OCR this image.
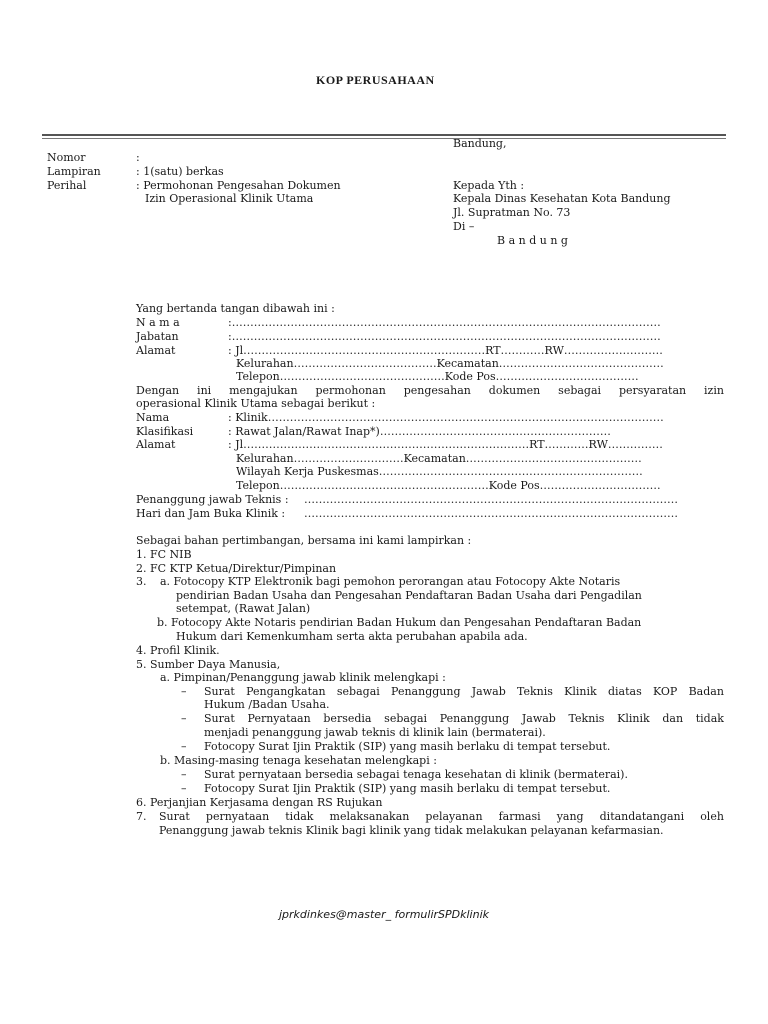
KOP PERUSAHAAN
Bandung,
Nomor	:
Lampiran	: 1(satu) berkas
Perihal	: Permohonan Pengesahan Dokumen
Izin Operasional Klinik Utama
Kepada Yth :
Kepala Dinas Kesehatan Kota Bandung
Jl. Supratman No. 73
Di –
B a n d u n g
Yang bertanda tangan dibawah ini :
N a m a	:………………………………………………………………………………………………………
Jabatan	:………………………………………………………………………………………………………
Alamat	: Jl…………………………………………………………RT…………RW………………………
Kelurahan…………………………………Kecamatan………………………………………
Telepon………………………………………Kode Pos…………………………………
Dengan ini mengajukan permohonan pengesahan dokumen sebagai persyaratan izin
operasional Klinik Utama sebagai berikut :
Nama	: Klinik………………………………………………………………………………………………
Klasifikasi	: Rawat Jalan/Rawat Inap*)………………………………………………………
Alamat	: Jl……………………………………………………………………RT…………RW……………
Kelurahan…………………………Kecamatan…………………………………………
Wilayah Kerja Puskesmas………………………………………………………………
Telepon…………………………………………………Kode Pos……………………………
Penanggung jawab Teknis : …………………………………………………………………………………………
Hari dan Jam Buka Klinik : …………………………………………………………………………………………
Sebagai bahan pertimbangan, bersama ini kami lampirkan :
1. FC NIB
2. FC KTP Ketua/Direktur/Pimpinan
3. a. Fotocopy KTP Elektronik bagi pemohon perorangan atau Fotocopy Akte Notaris
pendirian Badan Usaha dan Pengesahan Pendaftaran Badan Usaha dari Pengadilan
setempat, (Rawat Jalan)
b. Fotocopy Akte Notaris pendirian Badan Hukum dan Pengesahan Pendaftaran Badan
Hukum dari Kemenkumham serta akta perubahan apabila ada.
4. Profil Klinik.
5. Sumber Daya Manusia,
a. Pimpinan/Penanggung jawab klinik melengkapi :
– Surat Pengangkatan sebagai Penanggung Jawab Teknis Klinik diatas KOP Badan
Hukum /Badan Usaha.
– Surat Pernyataan bersedia sebagai Penanggung Jawab Teknis Klinik dan tidak
menjadi penanggung jawab teknis di klinik lain (bermaterai).
– Fotocopy Surat Ijin Praktik (SIP) yang masih berlaku di tempat tersebut.
b. Masing-masing tenaga kesehatan melengkapi :
– Surat pernyataan bersedia sebagai tenaga kesehatan di klinik (bermaterai).
– Fotocopy Surat Ijin Praktik (SIP) yang masih berlaku di tempat tersebut.
6. Perjanjian Kerjasama dengan RS Rujukan
7. Surat pernyataan tidak melaksanakan pelayanan farmasi yang ditandatangani oleh
Penanggung jawab teknis Klinik bagi klinik yang tidak melakukan pelayanan kefarmasian.
jprkdinkes@master_ formulirSPDklinik
